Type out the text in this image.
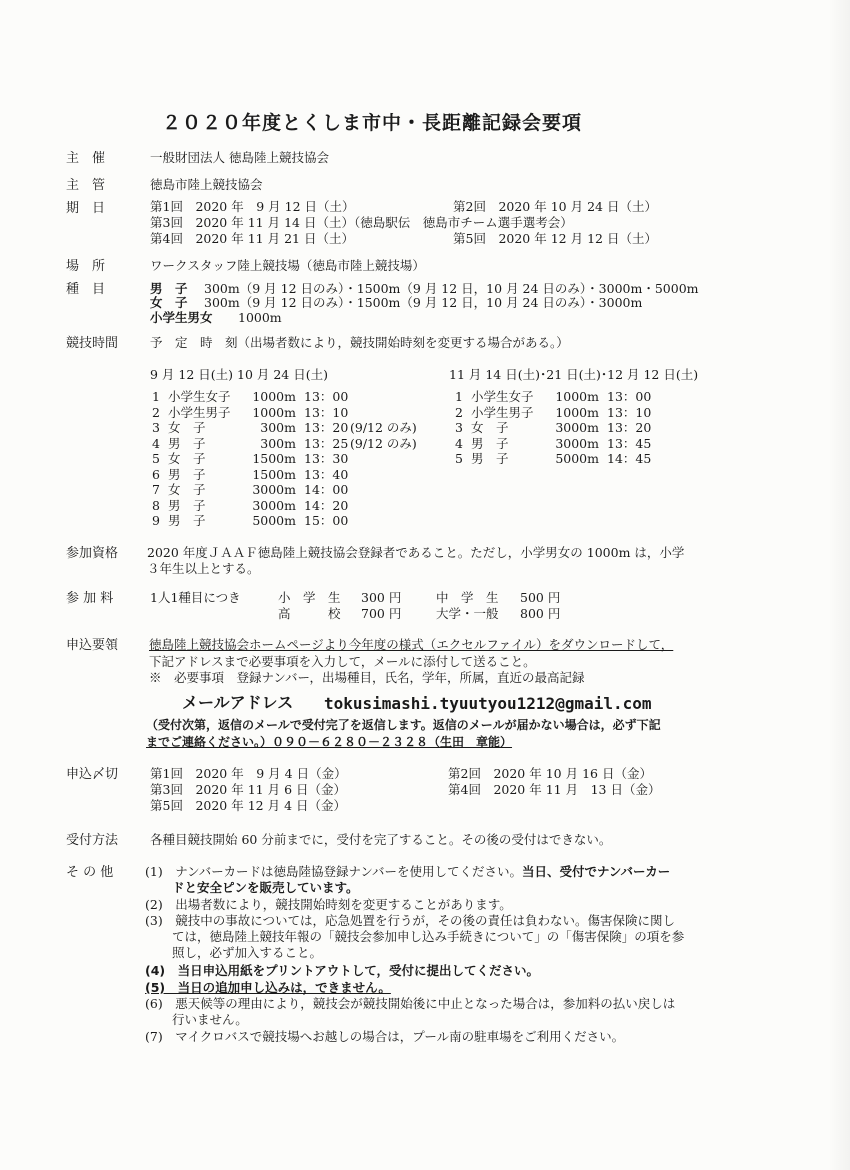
２０２０年度とくしま市中・長距離記録会要項
主　催	一般財団法人 徳島陸上競技協会
主　管	徳島市陸上競技協会
期　日	第1回　2020 年　9 月 12 日（土）	第2回　2020 年 10 月 24 日（土）
第3回　2020 年 11 月 14 日（土）（徳島駅伝　徳島市チーム選手選考会）
第4回　2020 年 11 月 21 日（土）	第5回　2020 年 12 月 12 日（土）
場　所	ワークスタッフ陸上競技場（徳島市陸上競技場）
種　目	男　子 300m（9 月 12 日のみ）・1500m（9 月 12 日，10 月 24 日のみ）・3000m・5000m
女　子 300m（9 月 12 日のみ）・1500m（9 月 12 日，10 月 24 日のみ）・3000m
小学生男女 1000m
競技時間	予　定　時　刻（出場者数により，競技開始時刻を変更する場合がある。）
9 月 12 日(土) 10 月 24 日(土)	11 月 14 日(土)･21 日(土)･12 月 12 日(土)
1 小学生女子	1000m 13：00
2 小学生男子	1000m 13：10
3 女　子	300m 13：20 (9/12 のみ)
4 男　子	300m 13：25 (9/12 のみ)
5 女　子	1500m 13：30
6 男　子	1500m 13：40
7 女　子	3000m 14：00
8 男　子	3000m 14：20
9 男　子	5000m 15：00
1 小学生女子	1000m 13：00
2 小学生男子	1000m 13：10
3 女　子	3000m 13：20
4 男　子	3000m 13：45
5 男　子	5000m 14：45
参加資格 2020 年度ＪＡＡＦ徳島陸上競技協会登録者であること。ただし，小学男女の 1000m は，小学
３年生以上とする。
参 加 料	1人1種目につき	小　学　生 300 円	中　学　生 500 円
高　　　校 700 円	大学・一般 800 円
申込要領 徳島陸上競技協会ホームページより今年度の様式（エクセルファイル）をダウンロードして，
下記アドレスまで必要事項を入力して，メールに添付して送ること。
※　必要事項　登録ナンバー，出場種目，氏名，学年，所属，直近の最高記録
メールアドレス tokusimashi.tyuutyou1212@gmail.com
（受付次第，返信のメールで受付完了を返信します。返信のメールが届かない場合は，必ず下記
までご連絡ください。）０９０－６２８０－２３２８（生田　章能）
申込〆切	第1回　2020 年　9 月 4 日（金）	第2回　2020 年 10 月 16 日（金）
第3回　2020 年 11 月 6 日（金）	第4回　2020 年 11 月　13 日（金）
第5回　2020 年 12 月 4 日（金）
受付方法	各種目競技開始 60 分前までに，受付を完了すること。その後の受付はできない。
そ の 他	(1)　ナンバーカードは徳島陸協登録ナンバーを使用してください。当日、受付でナンバーカー
ドと安全ピンを販売しています。
(2)　出場者数により，競技開始時刻を変更することがあります。
(3)　競技中の事故については，応急処置を行うが，その後の責任は負わない。傷害保険に関し
ては，徳島陸上競技年報の「競技会参加申し込み手続きについて」の「傷害保険」の項を参
照し，必ず加入すること。
(4)　当日申込用紙をプリントアウトして，受付に提出してください。
(5)　当日の追加申し込みは，できません。
(6)　悪天候等の理由により，競技会が競技開始後に中止となった場合は，参加料の払い戻しは
行いません。
(7)　マイクロバスで競技場へお越しの場合は，プール南の駐車場をご利用ください。
